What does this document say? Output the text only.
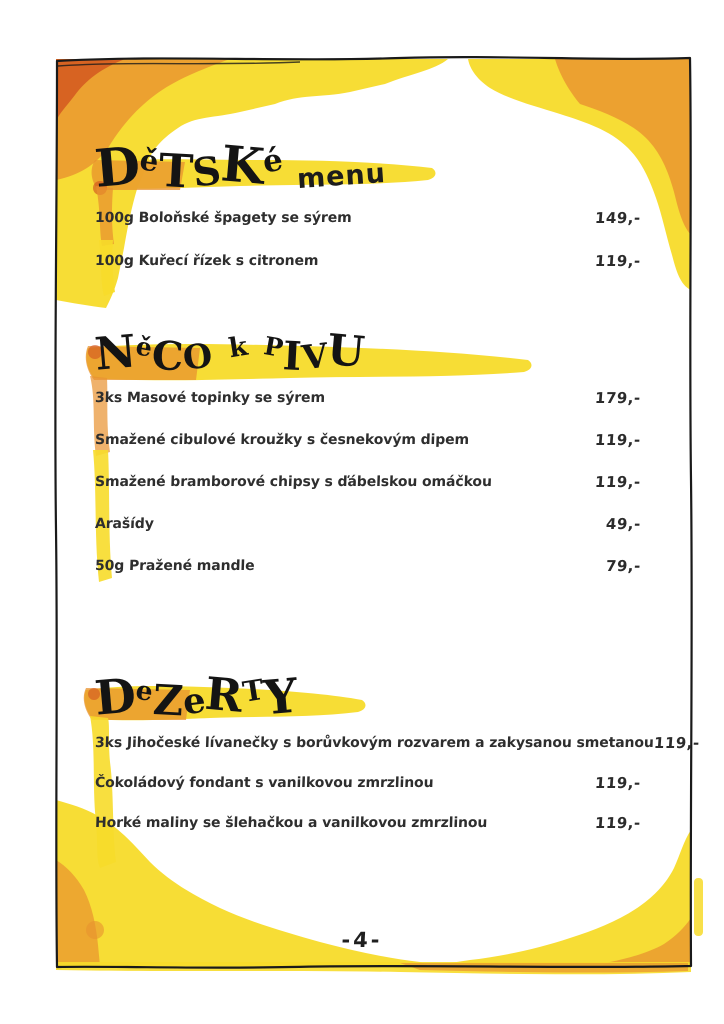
DěTSKé menu
100g Boloňské špagety se sýrem	149,-
100g Kuřecí řízek s citronem	119,-
NěCO k PIVU
3ks Masové topinky se sýrem	179,-
Smažené cibulové kroužky s česnekovým dipem	119,-
Smažené bramborové chipsy s ďábelskou omáčkou	119,-
Arašídy	49,-
50g Pražené mandle	79,-
DeZeRTY
3ks Jihočeské lívanečky s borůvkovým rozvarem a zakysanou smetanou 119,-
Čokoládový fondant s vanilkovou zmrzlinou	119,-
Horké maliny se šlehačkou a vanilkovou zmrzlinou	119,-
-4-
